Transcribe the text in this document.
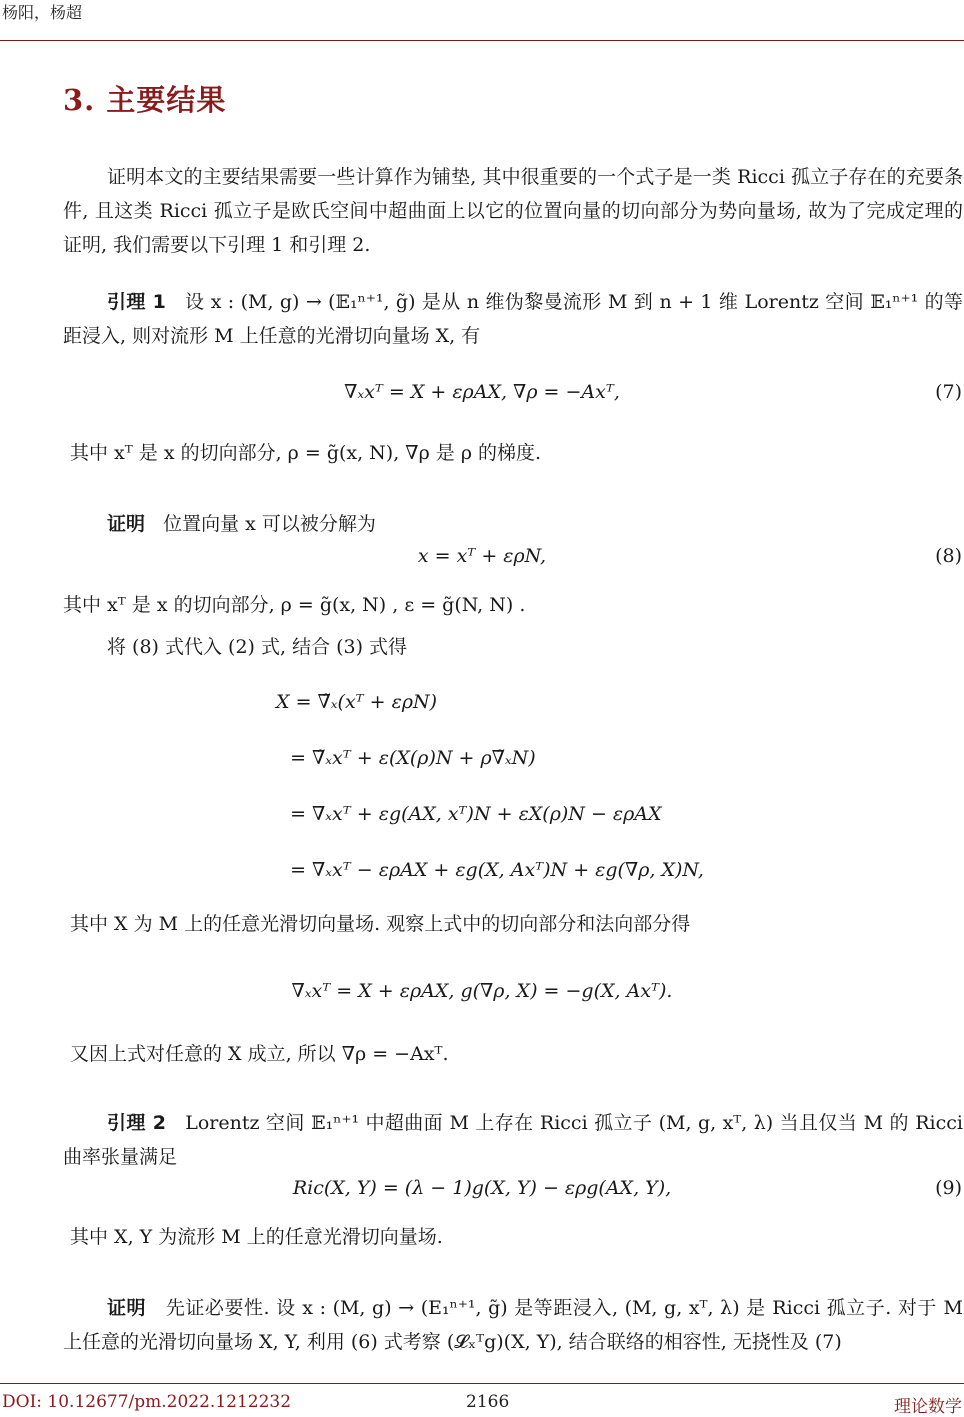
杨阳，杨超
3. 主要结果
证明本文的主要结果需要一些计算作为铺垫, 其中很重要的一个式子是一类 Ricci 孤立子存在的充要条件, 且这类 Ricci 孤立子是欧氏空间中超曲面上以它的位置向量的切向部分为势向量场, 故为了完成定理的证明, 我们需要以下引理 1 和引理 2.
引理 1 设 x : (M, g) → (𝔼₁ⁿ⁺¹, g̃) 是从 n 维伪黎曼流形 M 到 n + 1 维 Lorentz 空间 𝔼₁ⁿ⁺¹ 的等距浸入, 则对流形 M 上任意的光滑切向量场 X, 有
∇ₓxᵀ = X + ερAX, ∇ρ = −Axᵀ,	(7)
其中 xᵀ 是 x 的切向部分, ρ = g̃(x, N), ∇ρ 是 ρ 的梯度.
证明 位置向量 x 可以被分解为
x = xᵀ + ερN,	(8)
其中 xᵀ 是 x 的切向部分, ρ = g̃(x, N) , ε = g̃(N, N) .
将 (8) 式代入 (2) 式, 结合 (3) 式得
X = ∇̃ₓ(xᵀ + ερN)
= ∇̃ₓxᵀ + ε(X(ρ)N + ρ∇̃ₓN)
= ∇ₓxᵀ + εg(AX, xᵀ)N + εX(ρ)N − ερAX
= ∇ₓxᵀ − ερAX + εg(X, Axᵀ)N + εg(∇ρ, X)N,
其中 X 为 M 上的任意光滑切向量场. 观察上式中的切向部分和法向部分得
∇ₓxᵀ = X + ερAX, g(∇ρ, X) = −g(X, Axᵀ).
又因上式对任意的 X 成立, 所以 ∇ρ = −Axᵀ.
引理 2 Lorentz 空间 𝔼₁ⁿ⁺¹ 中超曲面 M 上存在 Ricci 孤立子 (M, g, xᵀ, λ) 当且仅当 M 的 Ricci 曲率张量满足
Ric(X, Y) = (λ − 1)g(X, Y) − ερg(AX, Y),	(9)
其中 X, Y 为流形 M 上的任意光滑切向量场.
证明 先证必要性. 设 x : (M, g) → (E₁ⁿ⁺¹, g̃) 是等距浸入, (M, g, xᵀ, λ) 是 Ricci 孤立子. 对于 M 上任意的光滑切向量场 X, Y, 利用 (6) 式考察 (𝓛ₓᵀg)(X, Y), 结合联络的相容性, 无挠性及 (7)
DOI: 10.12677/pm.2022.1212232	2166	理论数学
